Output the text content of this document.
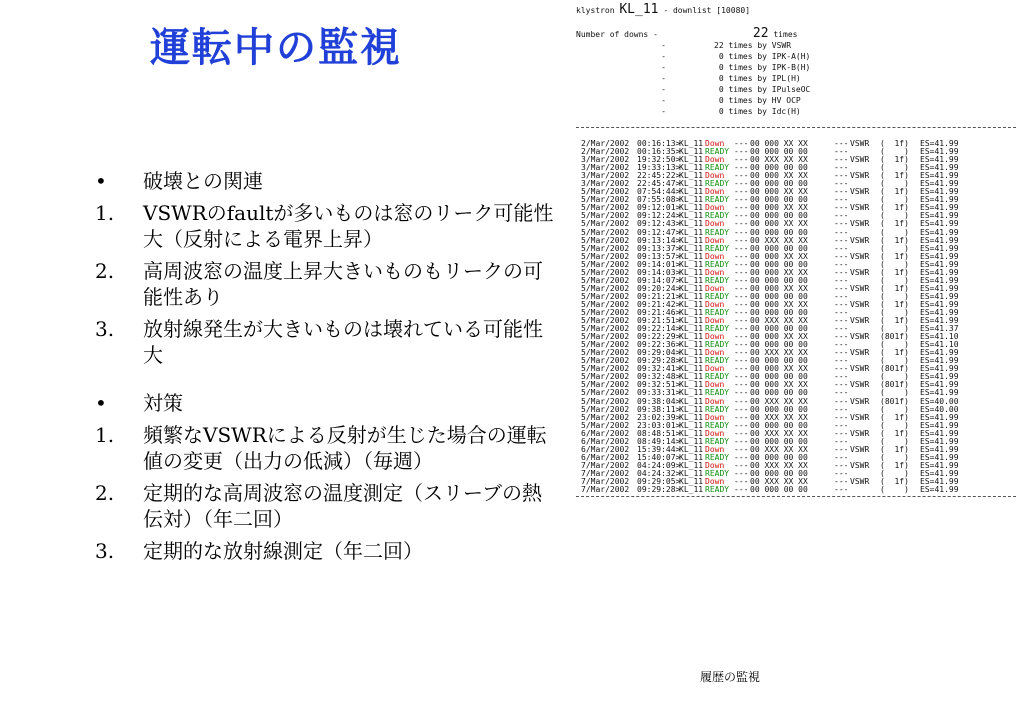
運転中の監視
•	破壊との関連
1.	VSWRのfaultが多いものは窓のリーク可能性大（反射による電界上昇）
2.	高周波窓の温度上昇大きいものもリークの可能性あり
3.	放射線発生が大きいものは壊れている可能性大
•	対策
1.	頻繁なVSWRによる反射が生じた場合の運転値の変更（出力の低減）（毎週）
2.	定期的な高周波窓の温度測定（スリーブの熱伝対）（年二回）
3.	定期的な放射線測定（年二回）
klystron KL_11 - downlist [10080]
Number of downs -	22 times
-	22 times by VSWR
-	0 times by IPK-A(H)
-	0 times by IPK-B(H)
-	0 times by IPL(H)
-	0 times by IPulseOC
-	0 times by HV OCP
-	0 times by Idc(H)
2/Mar/2002 00:16:13>KL_11 Down --- 00 000 XX XX	--- VSWR (  1f) ES=41.99
2/Mar/2002 00:16:35>KL_11 READY --- 00 000 00 00	---	(    ) ES=41.99
3/Mar/2002 19:32:50>KL_11 Down --- 00 XXX XX XX	--- VSWR (  1f) ES=41.99
3/Mar/2002 19:33:13>KL_11 READY --- 00 000 00 00	---	(    ) ES=41.99
3/Mar/2002 22:45:22>KL_11 Down --- 00 000 XX XX	--- VSWR (  1f) ES=41.99
3/Mar/2002 22:45:47>KL_11 READY --- 00 000 00 00	---	(    ) ES=41.99
5/Mar/2002 07:54:44>KL_11 Down --- 00 000 XX XX	--- VSWR (  1f) ES=41.99
5/Mar/2002 07:55:08>KL_11 READY --- 00 000 00 00	---	(    ) ES=41.99
5/Mar/2002 09:12:01>KL_11 Down --- 00 000 XX XX	--- VSWR (  1f) ES=41.99
5/Mar/2002 09:12:24>KL_11 READY --- 00 000 00 00	---	(    ) ES=41.99
5/Mar/2002 09:12:43>KL_11 Down --- 00 000 XX XX	--- VSWR (  1f) ES=41.99
5/Mar/2002 09:12:47>KL_11 READY --- 00 000 00 00	---	(    ) ES=41.99
5/Mar/2002 09:13:14>KL_11 Down --- 00 XXX XX XX	--- VSWR (  1f) ES=41.99
5/Mar/2002 09:13:37>KL_11 READY --- 00 000 00 00	---	(    ) ES=41.99
5/Mar/2002 09:13:57>KL_11 Down --- 00 000 XX XX	--- VSWR (  1f) ES=41.99
5/Mar/2002 09:14:01>KL_11 READY --- 00 000 00 00	---	(    ) ES=41.99
5/Mar/2002 09:14:03>KL_11 Down --- 00 000 XX XX	--- VSWR (  1f) ES=41.99
5/Mar/2002 09:14:07>KL_11 READY --- 00 000 00 00	---	(    ) ES=41.99
5/Mar/2002 09:20:24>KL_11 Down --- 00 000 XX XX	--- VSWR (  1f) ES=41.99
5/Mar/2002 09:21:21>KL_11 READY --- 00 000 00 00	---	(    ) ES=41.99
5/Mar/2002 09:21:42>KL_11 Down --- 00 000 XX XX	--- VSWR (  1f) ES=41.99
5/Mar/2002 09:21:46>KL_11 READY --- 00 000 00 00	---	(    ) ES=41.99
5/Mar/2002 09:21:51>KL_11 Down --- 00 XXX XX XX	--- VSWR (  1f) ES=41.99
5/Mar/2002 09:22:14>KL_11 READY --- 00 000 00 00	---	(    ) ES=41.37
5/Mar/2002 09:22:29>KL_11 Down --- 00 000 XX XX	--- VSWR (801f) ES=41.10
5/Mar/2002 09:22:36>KL_11 READY --- 00 000 00 00	---	(    ) ES=41.10
5/Mar/2002 09:29:04>KL_11 Down --- 00 XXX XX XX	--- VSWR (  1f) ES=41.99
5/Mar/2002 09:29:28>KL_11 READY --- 00 000 00 00	---	(    ) ES=41.99
5/Mar/2002 09:32:41>KL_11 Down --- 00 000 XX XX	--- VSWR (801f) ES=41.99
5/Mar/2002 09:32:48>KL_11 READY --- 00 000 00 00	---	(    ) ES=41.99
5/Mar/2002 09:32:51>KL_11 Down --- 00 000 XX XX	--- VSWR (801f) ES=41.99
5/Mar/2002 09:33:31>KL_11 READY --- 00 000 00 00	---	(    ) ES=41.99
5/Mar/2002 09:38:04>KL_11 Down --- 00 XXX XX XX	--- VSWR (801f) ES=40.00
5/Mar/2002 09:38:11>KL_11 READY --- 00 000 00 00	---	(    ) ES=40.00
5/Mar/2002 23:02:39>KL_11 Down --- 00 XXX XX XX	--- VSWR (  1f) ES=41.99
5/Mar/2002 23:03:01>KL_11 READY --- 00 000 00 00	---	(    ) ES=41.99
6/Mar/2002 08:48:51>KL_11 Down --- 00 XXX XX XX	--- VSWR (  1f) ES=41.99
6/Mar/2002 08:49:14>KL_11 READY --- 00 000 00 00	---	(    ) ES=41.99
6/Mar/2002 15:39:44>KL_11 Down --- 00 XXX XX XX	--- VSWR (  1f) ES=41.99
6/Mar/2002 15:40:07>KL_11 READY --- 00 000 00 00	---	(    ) ES=41.99
7/Mar/2002 04:24:09>KL_11 Down --- 00 XXX XX XX	--- VSWR (  1f) ES=41.99
7/Mar/2002 04:24:32>KL_11 READY --- 00 000 00 00	---	(    ) ES=41.99
7/Mar/2002 09:29:05>KL_11 Down --- 00 XXX XX XX	--- VSWR (  1f) ES=41.99
7/Mar/2002 09:29:28>KL_11 READY --- 00 000 00 00	---	(    ) ES=41.99
履歴の監視
